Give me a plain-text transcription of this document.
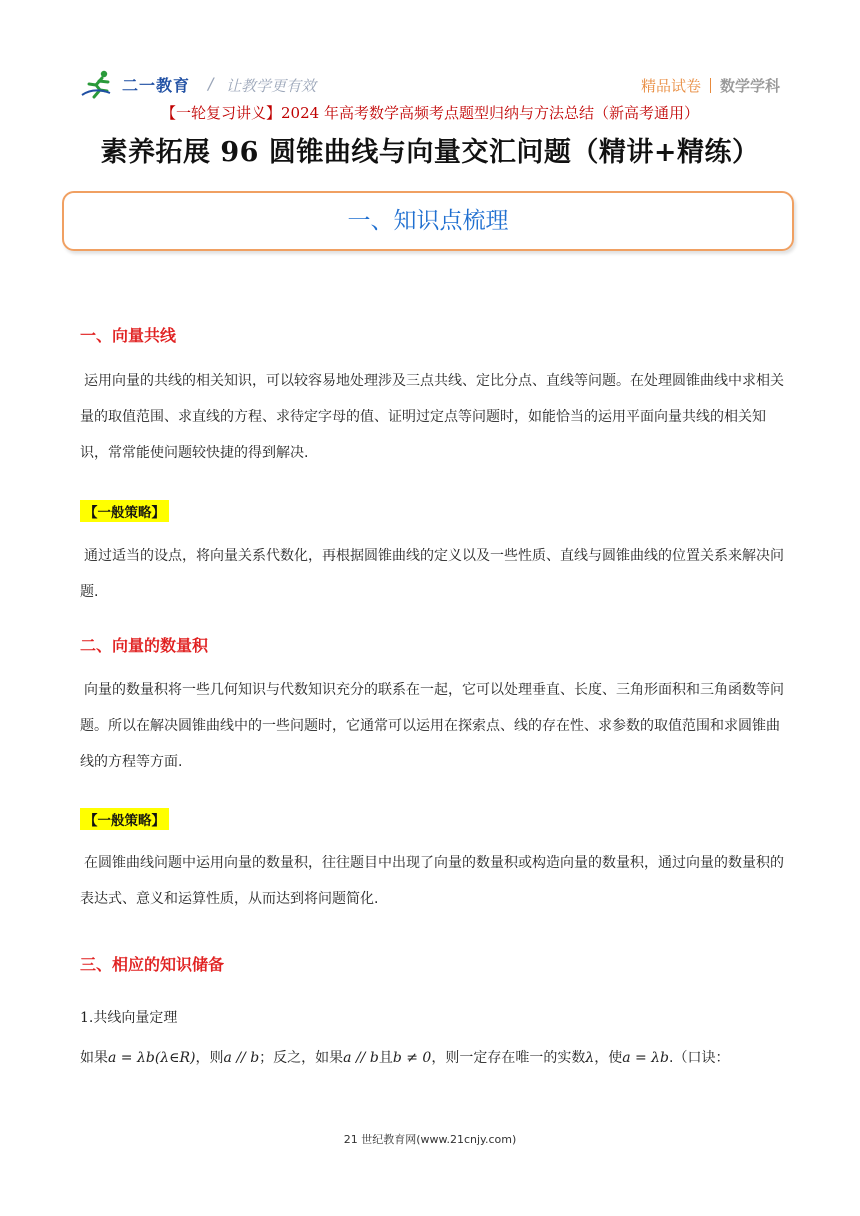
二一教育 / 让教学更有效	精品试卷 数学学科
【一轮复习讲义】2024 年高考数学高频考点题型归纳与方法总结（新高考通用）
素养拓展 96 圆锥曲线与向量交汇问题（精讲+精练）
一、知识点梳理
一、向量共线
运用向量的共线的相关知识，可以较容易地处理涉及三点共线、定比分点、直线等问题。在处理圆锥曲线中求相关量的取值范围、求直线的方程、求待定字母的值、证明过定点等问题时，如能恰当的运用平面向量共线的相关知识，常常能使问题较快捷的得到解决.
【一般策略】
通过适当的设点，将向量关系代数化，再根据圆锥曲线的定义以及一些性质、直线与圆锥曲线的位置关系来解决问题.
二、向量的数量积
向量的数量积将一些几何知识与代数知识充分的联系在一起，它可以处理垂直、长度、三角形面积和三角函数等问题。所以在解决圆锥曲线中的一些问题时，它通常可以运用在探索点、线的存在性、求参数的取值范围和求圆锥曲线的方程等方面.
【一般策略】
在圆锥曲线问题中运用向量的数量积，往往题目中出现了向量的数量积或构造向量的数量积，通过向量的数量积的表达式、意义和运算性质，从而达到将问题简化.
三、相应的知识储备
1.共线向量定理
如果a = λb(λ∈R)，则a // b；反之，如果a // b且b ≠ 0，则一定存在唯一的实数λ，使a = λb.（口诀：
21 世纪教育网(www.21cnjy.com)
